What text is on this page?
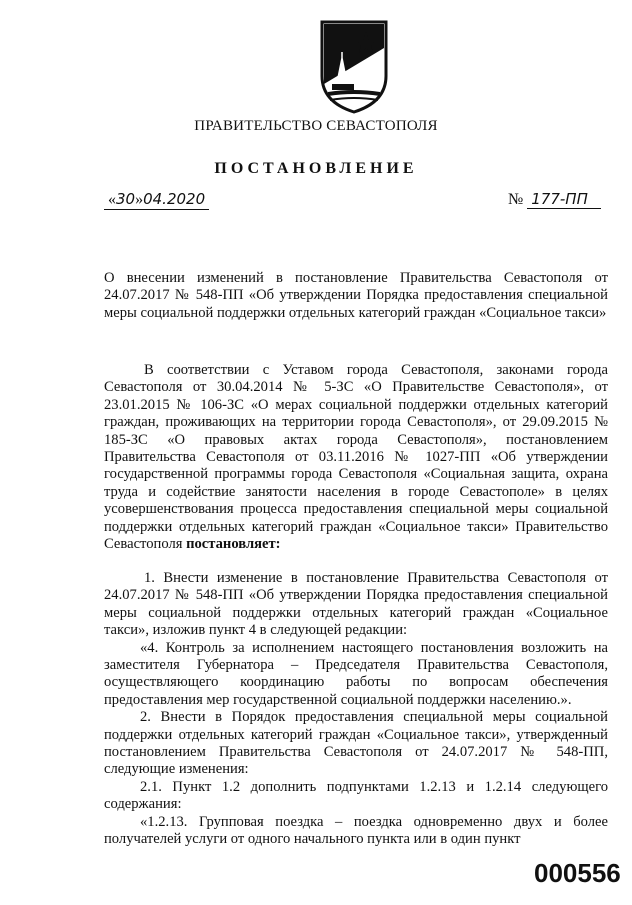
ПРАВИТЕЛЬСТВО СЕВАСТОПОЛЯ
ПОСТАНОВЛЕНИЕ
«30»04.2020	№ 177-ПП

О внесении изменений в постановление Правительства Севастополя от 24.07.2017 № 548-ПП «Об утверждении Порядка предоставления специальной меры социальной поддержки отдельных категорий граждан «Социальное такси»

В соответствии с Уставом города Севастополя, законами города Севастополя от 30.04.2014 № 5-ЗС «О Правительстве Севастополя», от 23.01.2015 № 106-ЗС «О мерах социальной поддержки отдельных категорий граждан, проживающих на территории города Севастополя», от 29.09.2015 № 185-ЗС «О правовых актах города Севастополя», постановлением Правительства Севастополя от 03.11.2016 № 1027-ПП «Об утверждении государственной программы города Севастополя «Социальная защита, охрана труда и содействие занятости населения в городе Севастополе» в целях усовершенствования процесса предоставления специальной меры социальной поддержки отдельных категорий граждан «Социальное такси» Правительство Севастополя постановляет:

1. Внести изменение в постановление Правительства Севастополя от 24.07.2017 № 548-ПП «Об утверждении Порядка предоставления специальной меры социальной поддержки отдельных категорий граждан «Социальное такси», изложив пункт 4 в следующей редакции:

«4. Контроль за исполнением настоящего постановления возложить на заместителя Губернатора – Председателя Правительства Севастополя, осуществляющего координацию работы по вопросам обеспечения предоставления мер государственной социальной поддержки населению.».

2. Внести в Порядок предоставления специальной меры социальной поддержки отдельных категорий граждан «Социальное такси», утвержденный постановлением Правительства Севастополя от 24.07.2017 № 548-ПП, следующие изменения:

2.1. Пункт 1.2 дополнить подпунктами 1.2.13 и 1.2.14 следующего содержания:

«1.2.13. Групповая поездка – поездка одновременно двух и более получателей услуги от одного начального пункта или в один пункт

000556
